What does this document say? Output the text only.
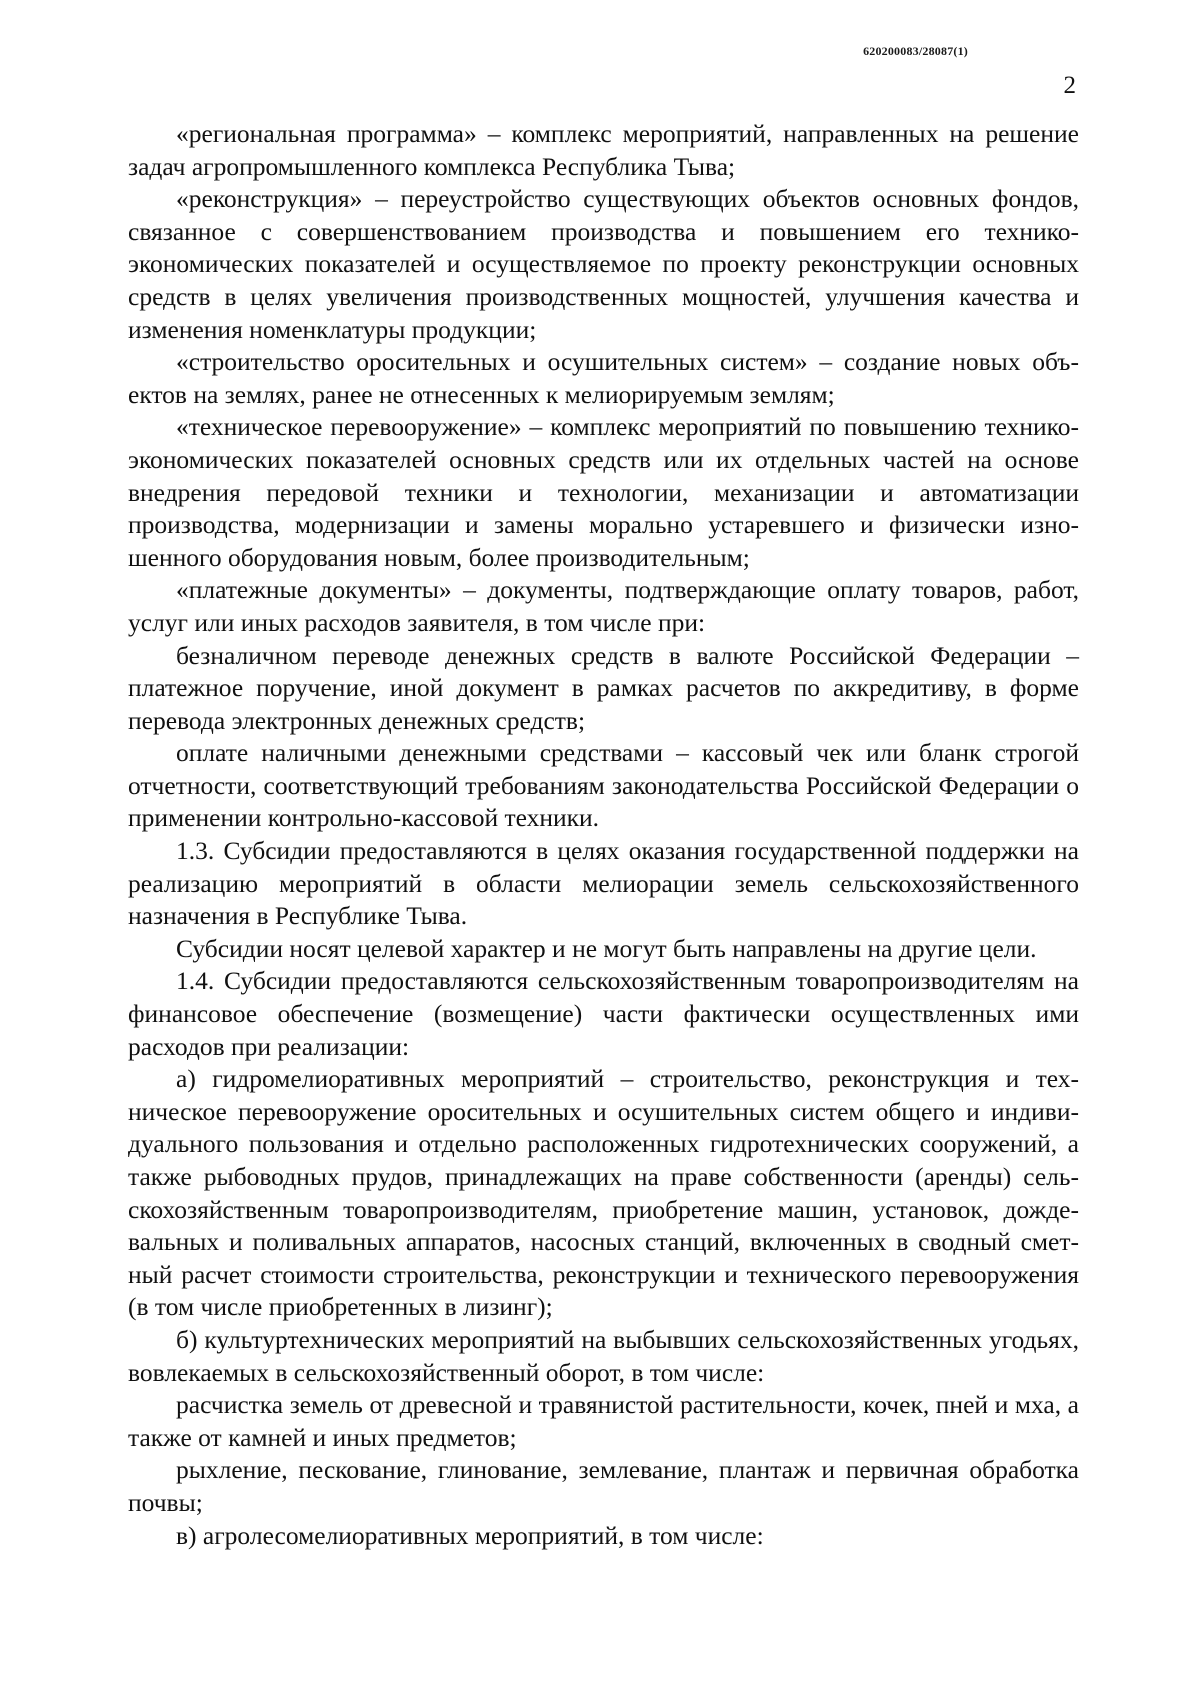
620200083/28087(1)
2

«региональная программа» – комплекс мероприятий, направленных на решение задач агропромышленного комплекса Республика Тыва;

«реконструкция» – переустройство существующих объектов основных фондов, связанное с совершенствованием производства и повышением его технико-экономических показателей и осуществляемое по проекту реконструкции основных средств в целях увеличения производственных мощностей, улучшения качества и изменения номенклатуры продукции;

«строительство оросительных и осушительных систем» – создание новых объектов на землях, ранее не отнесенных к мелиорируемым землям;

«техническое перевооружение» – комплекс мероприятий по повышению технико-экономических показателей основных средств или их отдельных частей на основе внедрения передовой техники и технологии, механизации и автоматизации производства, модернизации и замены морально устаревшего и физически изношенного оборудования новым, более производительным;

«платежные документы» – документы, подтверждающие оплату товаров, работ, услуг или иных расходов заявителя, в том числе при:

безналичном переводе денежных средств в валюте Российской Федерации – платежное поручение, иной документ в рамках расчетов по аккредитиву, в форме перевода электронных денежных средств;

оплате наличными денежными средствами – кассовый чек или бланк строгой отчетности, соответствующий требованиям законодательства Российской Федерации о применении контрольно-кассовой техники.

1.3. Субсидии предоставляются в целях оказания государственной поддержки на реализацию мероприятий в области мелиорации земель сельскохозяйственного назначения в Республике Тыва.

Субсидии носят целевой характер и не могут быть направлены на другие цели.

1.4. Субсидии предоставляются сельскохозяйственным товаропроизводителям на финансовое обеспечение (возмещение) части фактически осуществленных ими расходов при реализации:

а) гидромелиоративных мероприятий – строительство, реконструкция и техническое перевооружение оросительных и осушительных систем общего и индивидуального пользования и отдельно расположенных гидротехнических сооружений, а также рыбоводных прудов, принадлежащих на праве собственности (аренды) сельскохозяйственным товаропроизводителям, приобретение машин, установок, дождевальных и поливальных аппаратов, насосных станций, включенных в сводный сметный расчет стоимости строительства, реконструкции и технического перевооружения (в том числе приобретенных в лизинг);

б) культуртехнических мероприятий на выбывших сельскохозяйственных угодьях, вовлекаемых в сельскохозяйственный оборот, в том числе:

расчистка земель от древесной и травянистой растительности, кочек, пней и мха, а также от камней и иных предметов;

рыхление, пескование, глинование, землевание, плантаж и первичная обработка почвы;

в) агролесомелиоративных мероприятий, в том числе:
